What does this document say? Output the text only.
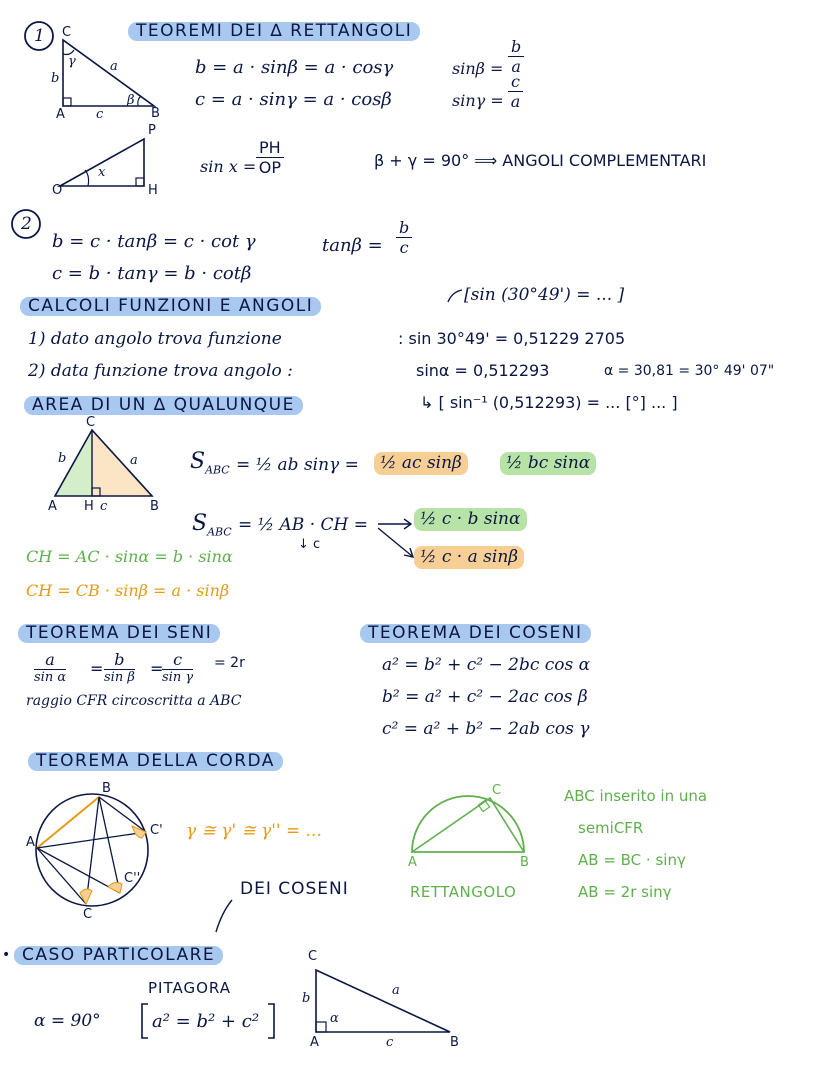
1 C
γ	a
b
β
A c	B
TEOREMI DEI ∆ RETTANGOLI
b = a · sinβ = a · cosγ
c = a · sinγ = a · cosβ
$\sin\beta = \frac{b}{a}$
$\sin\gamma = \frac{c}{a}$
P
x
O	H
$\sin x = \frac{PH}{OP}$	β + γ = 90° ⟹ ANGOLI COMPLEMENTARI
2
b = c · tanβ = c · cot γ
c = b · tanγ = b · cotβ
$\tan\beta = \frac{b}{c}$
CALCOLI FUNZIONI E ANGOLI
[sin (30°49') = ... ]
1) dato angolo trova funzione	: sin 30°49' = 0,51229 2705
2) data funzione trova angolo :	sinα = 0,512293	α = 30,81 = 30° 49' 07"
↳ [ sin⁻¹ (0,512293) = ... [°] ... ]
AREA DI UN ∆ QUALUNQUE
C
b	a
A H c	B
$S_{ABC}$ = ½ ab sinγ =	½ ac sinβ	½ bc sinα
$S_{ABC}$ = ½ AB · CH =
↓ c
½ c · b sinα
½ c · a sinβ
CH = AC · sinα = b · sinα
CH = CB · sinβ = a · sinβ
TEOREMA DEI SENI
a
sin α = b
sin β = c
sin γ
= 2r
raggio CFR circoscritta a ABC
TEOREMA DEI COSENI
a² = b² + c² − 2bc cos α
b² = a² + c² − 2ac cos β
c² = a² + b² − 2ab cos γ
TEOREMA DELLA CORDA
B
A
C'
C''
C
γ ≅ γ' ≅ γ'' = ...
DEI COSENI
C
A	B
RETTANGOLO
ABC inserito in una
semiCFR
AB = BC · sinγ
AB = 2r sinγ
• CASO PARTICOLARE
PITAGORA
α = 90°	a² = b² + c²
C
b
a
α
A	c	B
